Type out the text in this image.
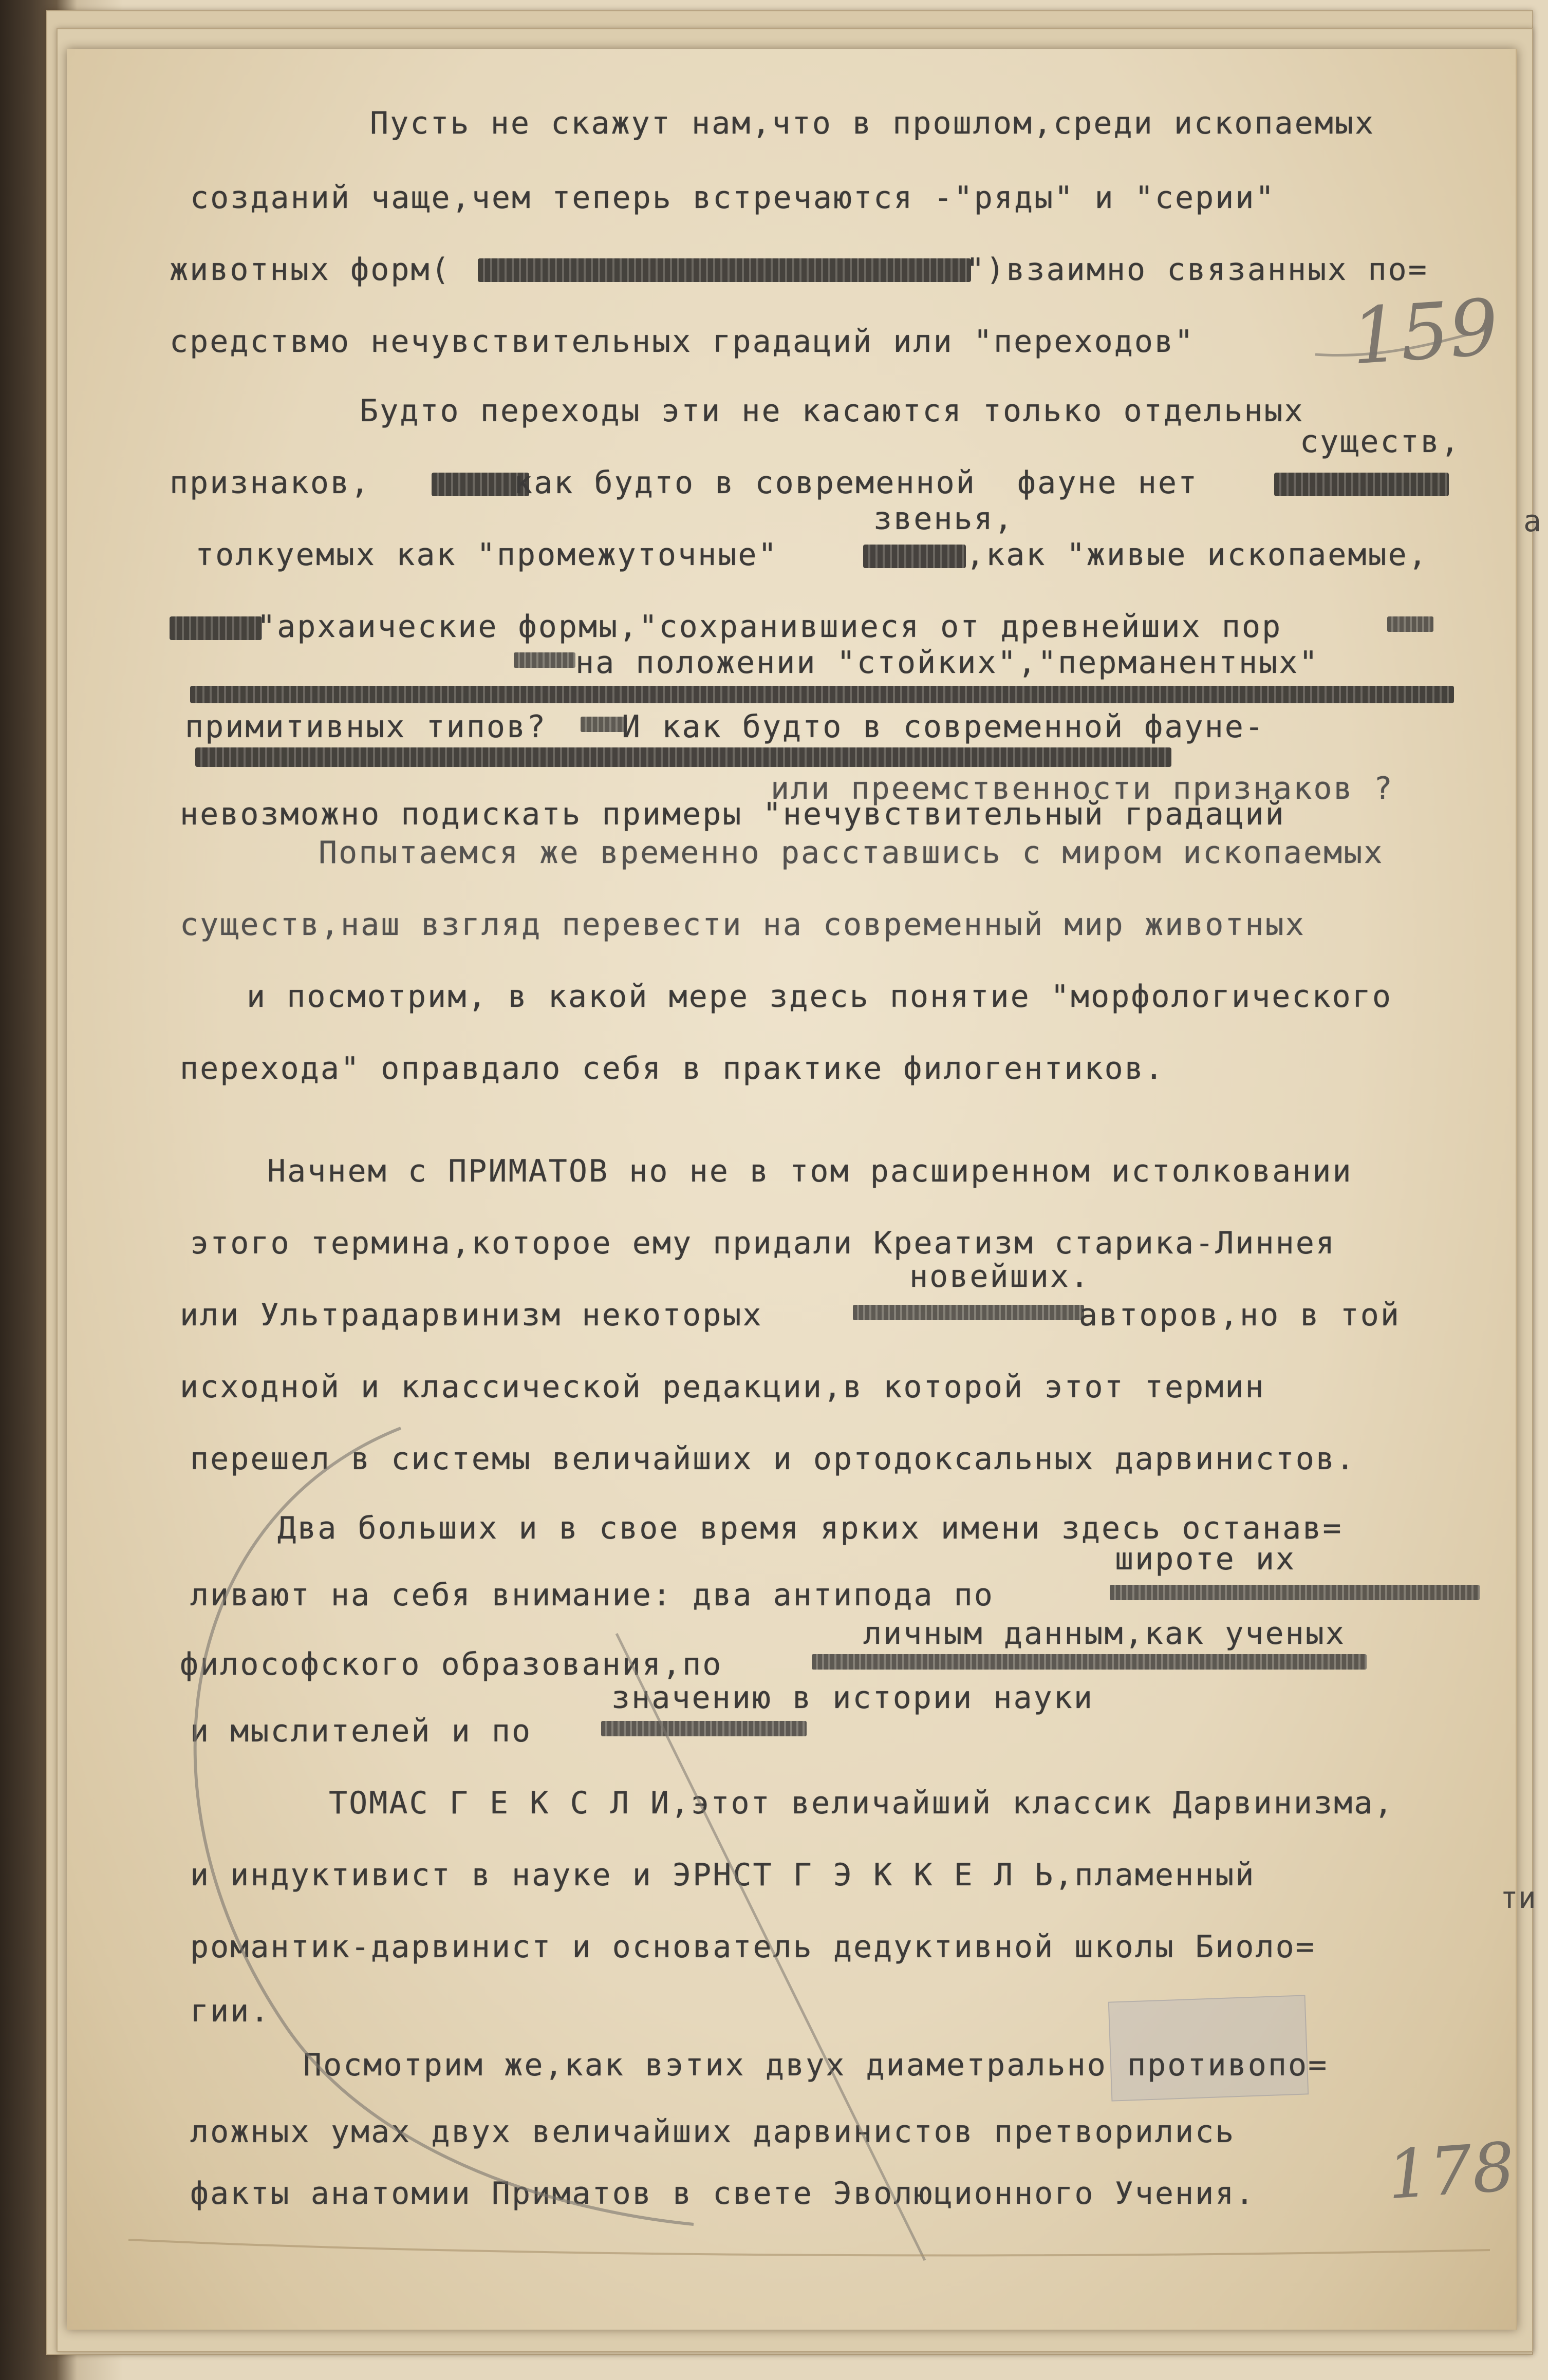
Пусть не скажут нам,что в прошлом,среди ископаемых
созданий чаще,чем теперь встречаются -"ряды" и "серии"
животных форм(	")взаимно связанных по=
средствмо нечувствительных градаций или "переходов"
Будто переходы эти не касаются только отдельных
существ,
признаков,	как будто в современной фауне нет
звенья,
толкуемых как "промежуточные"	,как "живые ископаемые,
"архаические формы,"сохранившиеся от древнейших пор
на положении "стойких","перманентных"
примитивных типов? И как будто в современной фауне-
или преемственности признаков ?
невозможно подискать примеры "нечувствительный градаций
Попытаемся же временно расставшись с миром ископаемых
существ,наш взгляд перевести на современный мир животных
и посмотрим, в какой мере здесь понятие "морфологического
перехода" оправдало себя в практике филогентиков.
Начнем с ПРИМАТОВ но не в том расширенном истолковании
этого термина,которое ему придали Креатизм старика-Линнея
новейших.
или Ультрадарвинизм некоторых	авторов,но в той
исходной и классической редакции,в которой этот термин
перешел в системы величайших и ортодоксальных дарвинистов.
Два больших и в свое время ярких имени здесь останав=
широте их
ливают на себя внимание: два антипода по
личным данным,как ученых
философского образования,по
значению в истории науки
и мыслителей и по
ТОМАС Г Е К С Л И,этот величайший классик Дарвинизма,
и индуктивист в науке и ЭРНСТ Г Э К К Е Л Ь,пламенный
романтик-дарвинист и основатель дедуктивной школы Биоло=
гии.
Посмотрим же,как вэтих двух диаметрально противопо=
ложных умах двух величайших дарвинистов претворились
факты анатомии Приматов в свете Эволюционного Учения.
159
178
а
ти
